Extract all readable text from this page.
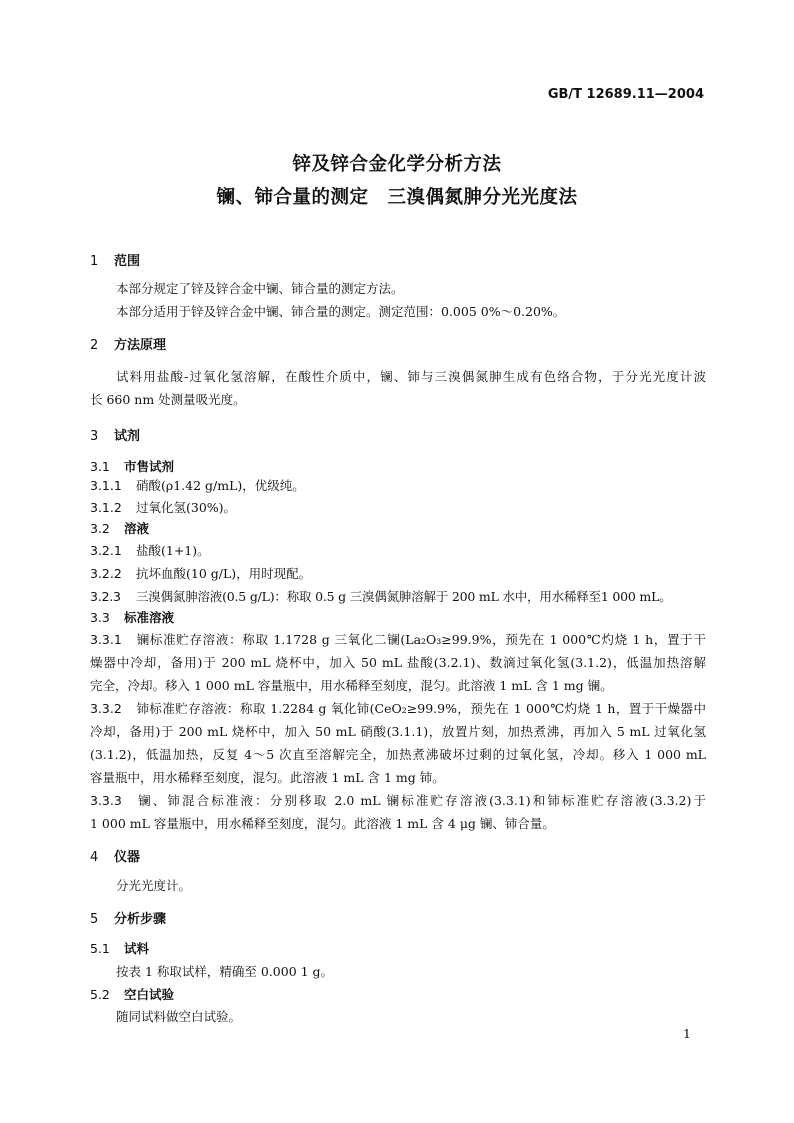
GB/T 12689.11—2004
锌及锌合金化学分析方法
镧、铈合量的测定　三溴偶氮胂分光光度法
1 范围
本部分规定了锌及锌合金中镧、铈合量的测定方法。
本部分适用于锌及锌合金中镧、铈合量的测定。测定范围：0.005 0%～0.20%。
2 方法原理
试料用盐酸-过氧化氢溶解，在酸性介质中，镧、铈与三溴偶氮胂生成有色络合物，于分光光度计波
长 660 nm 处测量吸光度。
3 试剂
3.1 市售试剂
3.1.1 硝酸(ρ1.42 g/mL)，优级纯。
3.1.2 过氧化氢(30%)。
3.2 溶液
3.2.1 盐酸(1+1)。
3.2.2 抗坏血酸(10 g/L)，用时现配。
3.2.3 三溴偶氮胂溶液(0.5 g/L)：称取 0.5 g 三溴偶氮胂溶解于 200 mL 水中，用水稀释至1 000 mL。
3.3 标准溶液
3.3.1 镧标准贮存溶液：称取 1.1728 g 三氧化二镧(La₂O₃≥99.9%，预先在 1 000℃灼烧 1 h，置于干
燥器中冷却，备用)于 200 mL 烧杯中，加入 50 mL 盐酸(3.2.1)、数滴过氧化氢(3.1.2)，低温加热溶解
完全，冷却。移入 1 000 mL 容量瓶中，用水稀释至刻度，混匀。此溶液 1 mL 含 1 mg 镧。
3.3.2 铈标准贮存溶液：称取 1.2284 g 氧化铈(CeO₂≥99.9%，预先在 1 000℃灼烧 1 h，置于干燥器中
冷却，备用)于 200 mL 烧杯中，加入 50 mL 硝酸(3.1.1)，放置片刻，加热煮沸，再加入 5 mL 过氧化氢
(3.1.2)，低温加热，反复 4～5 次直至溶解完全，加热煮沸破坏过剩的过氧化氢，冷却。移入 1 000 mL
容量瓶中，用水稀释至刻度，混匀。此溶液 1 mL 含 1 mg 铈。
3.3.3 镧、铈混合标准液：分别移取 2.0 mL 镧标准贮存溶液(3.3.1)和铈标准贮存溶液(3.3.2)于
1 000 mL 容量瓶中，用水稀释至刻度，混匀。此溶液 1 mL 含 4 μg 镧、铈合量。
4 仪器
分光光度计。
5 分析步骤
5.1 试料
按表 1 称取试样，精确至 0.000 1 g。
5.2 空白试验
随同试料做空白试验。
1
